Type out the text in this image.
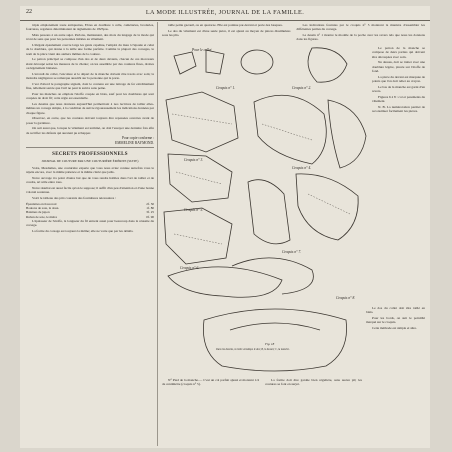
22	LA MODE ILLUSTRÉE, JOURNAL DE LA FAMILLE.

triple emploiement toute antiquaires, Ebres en doublure à celle, caméraries, broderies, fourrures, regaleres déterminaient de règlements de 1825pas.

Mais passons à un autre sujet. Parlons, maintenant, des mots du langage de la mode qui n'ont de sens que pour les personnes initiées au vêtement.

L'élégant épaulement couvre large les gants capeline, l'emploi du tissu à l'épaule et celui de la doublure, qui donne à la taille une forme parfaite. Comme la plupart des corsages, le nom de la pièce vient des ateliers mêmes de la couture.

Le patron principal se compose d'un dos et de deux devants, chacun de ces morceaux étant découpé selon les mesures de la cliente; on les assemble par des coutures fines, droites ou légèrement biaisées.

L'arrondi du collet, l'encolure et le départ de la manche doivent être tracés avec soin; la moindre négligence se remarque aussitôt sur la personne qui le porte.

C'est d'abord le paragraphe signalé, dont le contenu est une lettrage de fer extrêmement fine, tellement serrée que l'œil ne peut la suivre sans peine.

Pour les manches on emploie l'étoffe coupée en biais, sauf pour les doublures qui sont coupées de droit fil; cette règle est essentielle.

Les dessins que nous donnons aujourd'hui permettront à nos lectrices de tailler elles-mêmes un corsage simple, à la condition de suivre rigoureusement les indications données par chaque figure.

Observez, en outre, que les coutures doivent toujours être repassées ouvertes avant de poser la garniture.

On sait aussi que, lorsque le vêtement est terminé, on doit l'essayer une dernière fois afin de rectifier les défauts qui auraient pu échapper.

Pour copie conforme :
EMMELINE RAYMOND.
SECRETS PROFESSIONNELS
JOURNAL DE COUTURE PAR UNE COUTURIÈRE ÉMÉRITE (SUITE)

Votre, Mesdames, une couturière experte que vous nous aviez connue autrefois vous le répète encore, avec la même patience et la même clarté que jadis.

Notre ouvrage n'a point d'autre but que de vous rendre habiles dans l'art de tailler et de coudre, art utile entre tous.

Notre résultat est aussi facile qu'on le suppose; il suffit d'un peu d'attention et d'une bonne volonté soutenue.

Voici le tableau des prix courants des fournitures nécessaires :

Épaulettes en tissu noir	2f. 50
Boutons de soie, la douz.	1f. 80
Baleines de jupon	3f. 25
Ruban de soie, le mètre	0f. 90

L'épaisseur de l'étoffe, la longueur du fil entrent aussi pour beaucoup dans la réussite du corsage.

La forme du corsage est toujours la même; elle ne varie que par les détails.

taille petite gazouil, ou en quatorze. Elle est pointue par-devant et porte des basques.

Le dos du vêtement est d'une seule pièce, il est ajusté au moyen de pinces dissimulées sous les plis.

Les indications fournies par le croquis n° 5 montrent la manière d'assembler les différentes parties du corsage.

Le dessin n° 1 montre le modèle de la poche avec les revers tels que nous les donnons dans les figures.

Le patron de la manche se compose de deux parties qui doivent être découpées avec soin.

Ne dessus, doit se traiter avec une doublure légère, placée sur l'étoffe de fond.

La pièce du devant est marquée de points que l'on doit relier au crayon.

Le bas de la manche est garni d'un revers.

Figures 6 à 8 : col et parements du vêtement.

N. B. La numérotation permet de reconstituer facilement les pièces.

Pour le collet
Croquis n° 1.	Croquis n° 2.
Croquis n° 3.
Croquis n° 4.
Croquis n° 5.
Croquis n° 6.
Croquis n° 7.
Croquis n° 8.
Fig. 18
Dans les dessins, la lettre A indique le dos; B, le devant; C, la manche.

N° Pied de la manche.— C'est un col parfait ajusté et montant 1/4 de centimètre (croquis n° 5).

La forme doit être gardée bien régulière, sans aucun pli; les coutures se font en surjet.

Le dos du collet doit être taillé en biais.

Pour les bords, on suit le pointillé marqué sur le croquis.

Cette méthode est simple et sûre.
